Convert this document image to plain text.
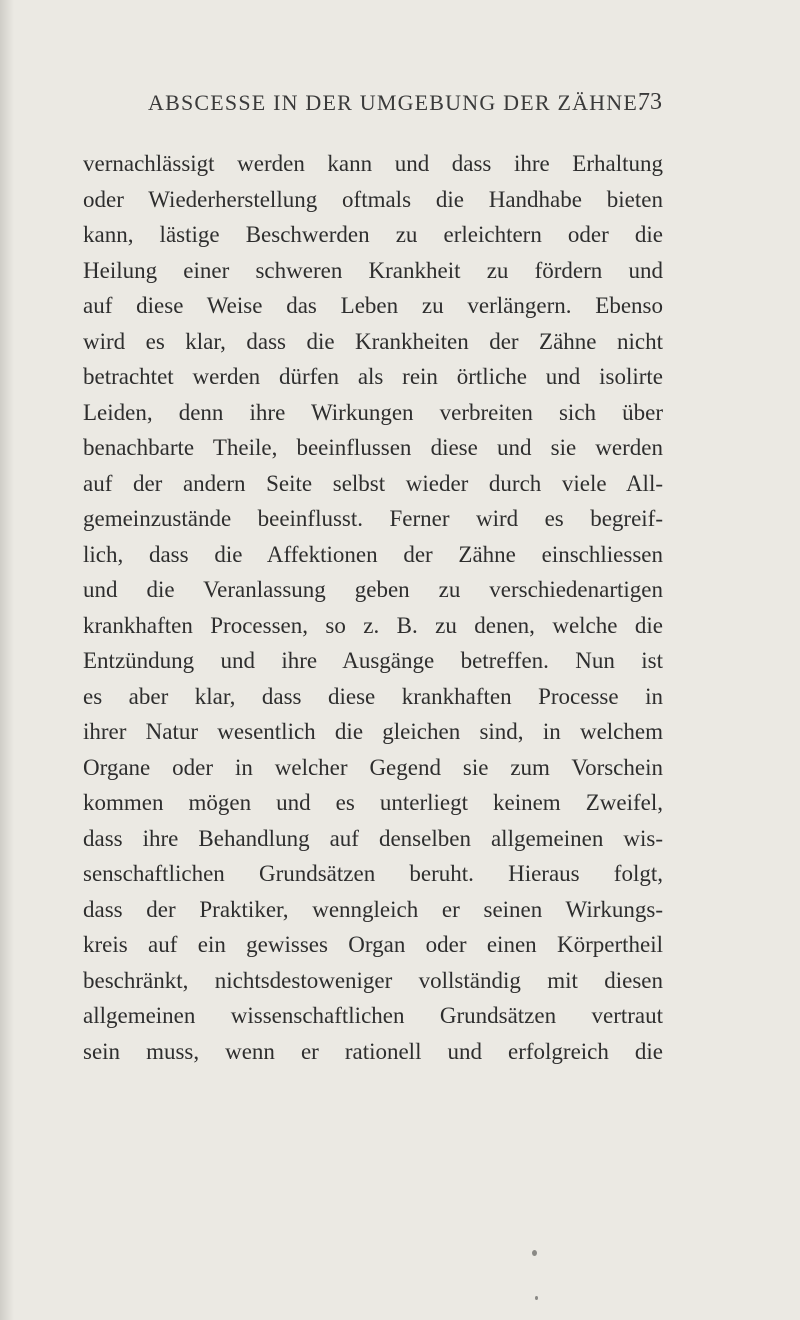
ABSCESSE IN DER UMGEBUNG DER ZÄHNE.
73
vernachlässigt werden kann und dass ihre Erhaltung
oder Wiederherstellung oftmals die Handhabe bieten
kann, lästige Beschwerden zu erleichtern oder die
Heilung einer schweren Krankheit zu fördern und
auf diese Weise das Leben zu verlängern. Ebenso
wird es klar, dass die Krankheiten der Zähne nicht
betrachtet werden dürfen als rein örtliche und isolirte
Leiden, denn ihre Wirkungen verbreiten sich über
benachbarte Theile, beeinflussen diese und sie werden
auf der andern Seite selbst wieder durch viele All-
gemeinzustände beeinflusst. Ferner wird es begreif-
lich, dass die Affektionen der Zähne einschliessen
und die Veranlassung geben zu verschiedenartigen
krankhaften Processen, so z. B. zu denen, welche die
Entzündung und ihre Ausgänge betreffen. Nun ist
es aber klar, dass diese krankhaften Processe in
ihrer Natur wesentlich die gleichen sind, in welchem
Organe oder in welcher Gegend sie zum Vorschein
kommen mögen und es unterliegt keinem Zweifel,
dass ihre Behandlung auf denselben allgemeinen wis-
senschaftlichen Grundsätzen beruht. Hieraus folgt,
dass der Praktiker, wenngleich er seinen Wirkungs-
kreis auf ein gewisses Organ oder einen Körpertheil
beschränkt, nichtsdestoweniger vollständig mit diesen
allgemeinen wissenschaftlichen Grundsätzen vertraut
sein muss, wenn er rationell und erfolgreich die
